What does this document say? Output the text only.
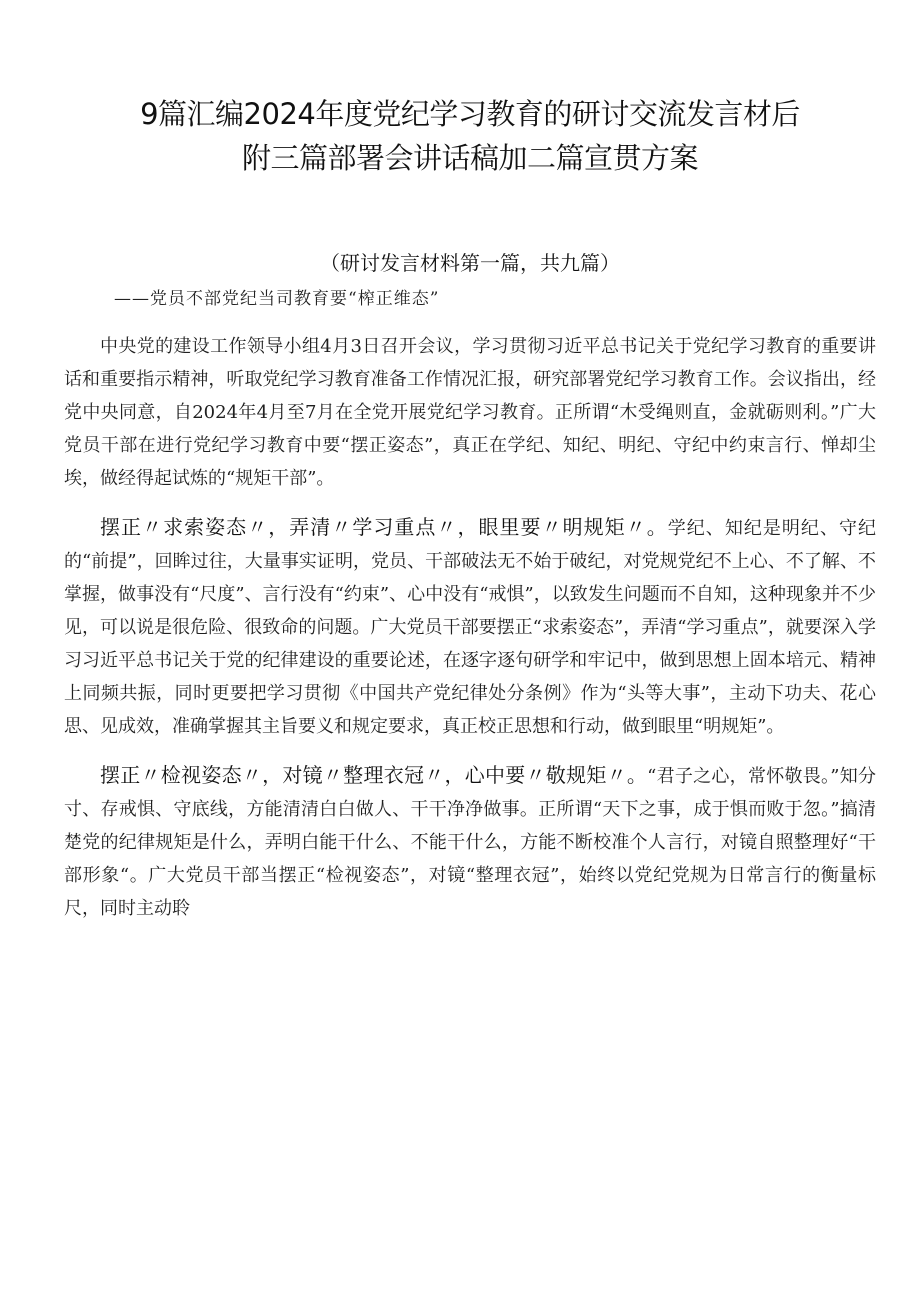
9篇汇编2024年度党纪学习教育的研讨交流发言材后
附三篇部署会讲话稿加二篇宣贯方案
（研讨发言材料第一篇，共九篇）
——党员不部党纪当司教育要“榨正维态”

中央党的建设工作领导小组4月3日召开会议，学习贯彻习近平总书记关于党纪学习教育的重要讲话和重要指示精神，听取党纪学习教育准备工作情况汇报，研究部署党纪学习教育工作。会议指出，经党中央同意，自2024年4月至7月在全党开展党纪学习教育。正所谓“木受绳则直，金就砺则利。”广大党员干部在进行党纪学习教育中要“摆正姿态”，真正在学纪、知纪、明纪、守纪中约束言行、惮却尘埃，做经得起试炼的“规矩干部”。

摆正〃求索姿态〃，弄清〃学习重点〃，眼里要〃明规矩〃。学纪、知纪是明纪、守纪的“前提”，回眸过往，大量事实证明，党员、干部破法无不始于破纪，对党规党纪不上心、不了解、不掌握，做事没有“尺度”、言行没有“约束”、心中没有“戒惧”，以致发生问题而不自知，这种现象并不少见，可以说是很危险、很致命的问题。广大党员干部要摆正“求索姿态”，弄清“学习重点”，就要深入学习习近平总书记关于党的纪律建设的重要论述，在逐字逐句研学和牢记中，做到思想上固本培元、精神上同频共振，同时更要把学习贯彻《中国共产党纪律处分条例》作为“头等大事”，主动下功夫、花心思、见成效，准确掌握其主旨要义和规定要求，真正校正思想和行动，做到眼里“明规矩”。

摆正〃检视姿态〃，对镜〃整理衣冠〃，心中要〃敬规矩〃。“君子之心，常怀敬畏。”知分寸、存戒惧、守底线，方能清清白白做人、干干净净做事。正所谓“天下之事，成于惧而败于忽。”搞清楚党的纪律规矩是什么，弄明白能干什么、不能干什么，方能不断校准个人言行，对镜自照整理好“干部形象“。广大党员干部当摆正“检视姿态”，对镜“整理衣冠”，始终以党纪党规为日常言行的衡量标尺，同时主动聆
